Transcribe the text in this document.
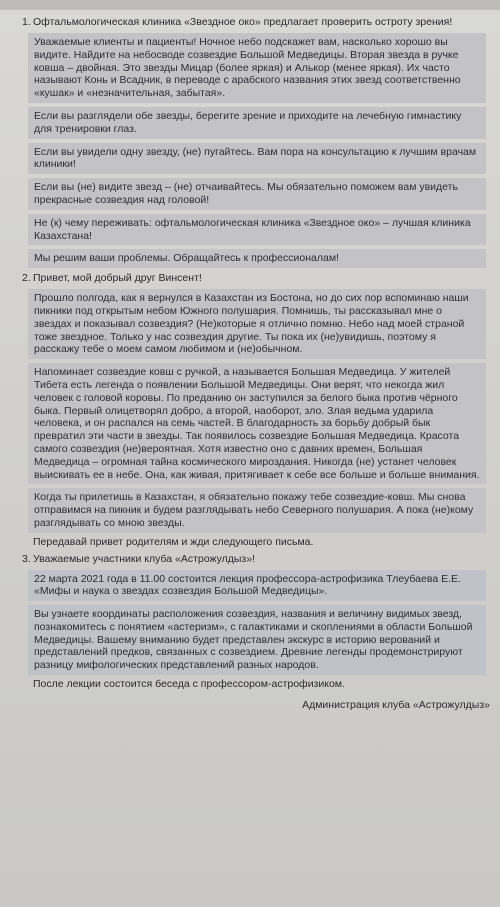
1. Офтальмологическая клиника «Звездное око» предлагает проверить остроту зрения!
Уважаемые клиенты и пациенты! Ночное небо подскажет вам, насколько хорошо вы видите. Найдите на небосводе созвездие Большой Медведицы. Вторая звезда в ручке ковша – двойная. Это звезды Мицар (более яркая) и Алькор (менее яркая). Их часто называют Конь и Всадник, в переводе с арабского названия этих звезд соответственно «кушак» и «незначительная, забытая».
Если вы разглядели обе звезды, берегите зрение и приходите на лечебную гимнастику для тренировки глаз.
Если вы увидели одну звезду, (не) пугайтесь. Вам пора на консультацию к лучшим врачам клиники!
Если вы (не) видите звезд – (не) отчаивайтесь. Мы обязательно поможем вам увидеть прекрасные созвездия над головой!
Не (к) чему переживать: офтальмологическая клиника «Звездное око» – лучшая клиника Казахстана!
Мы решим ваши проблемы. Обращайтесь к профессионалам!
2. Привет, мой добрый друг Винсент!
Прошло полгода, как я вернулся в Казахстан из Бостона, но до сих пор вспоминаю наши пикники под открытым небом Южного полушария. Помнишь, ты рассказывал мне о звездах и показывал созвездия? (Не)которые я отлично помню. Небо над моей страной тоже звездное. Только у нас созвездия другие. Ты пока их (не)увидишь, поэтому я расскажу тебе о моем самом любимом и (не)обычном.
Напоминает созвездие ковш с ручкой, а называется Большая Медведица. У жителей Тибета есть легенда о появлении Большой Медведицы. Они верят, что некогда жил человек с головой коровы. По преданию он заступился за белого быка против чёрного быка. Первый олицетворял добро, а второй, наоборот, зло. Злая ведьма ударила человека, и он распался на семь частей. В благодарность за борьбу добрый бык превратил эти части в звезды. Так появилось созвездие Большая Медведица. Красота самого созвездия (не)вероятная. Хотя известно оно с давних времен, Большая Медведица – огромная тайна космического мироздания. Никогда (не) устанет человек выискивать ее в небе. Она, как живая, притягивает к себе все больше и больше внимания.
Когда ты прилетишь в Казахстан, я обязательно покажу тебе созвездие-ковш. Мы снова отправимся на пикник и будем разглядывать небо Северного полушария. А пока (не)кому разглядывать со мною звезды.
Передавай привет родителям и жди следующего письма.
3. Уважаемые участники клуба «Астрожулдыз»!
22 марта 2021 года в 11.00 состоится лекция профессора-астрофизика Тлеубаева Е.Е. «Мифы и наука о звездах созвездия Большой Медведицы».
Вы узнаете координаты расположения созвездия, названия и величину видимых звезд, познакомитесь с понятием «астеризм», с галактиками и скоплениями в области Большой Медведицы. Вашему вниманию будет представлен экскурс в историю верований и представлений предков, связанных с созвездием. Древние легенды продемонстрируют разницу мифологических представлений разных народов.
После лекции состоится беседа с профессором-астрофизиком.
Администрация клуба «Астрожулдыз»
